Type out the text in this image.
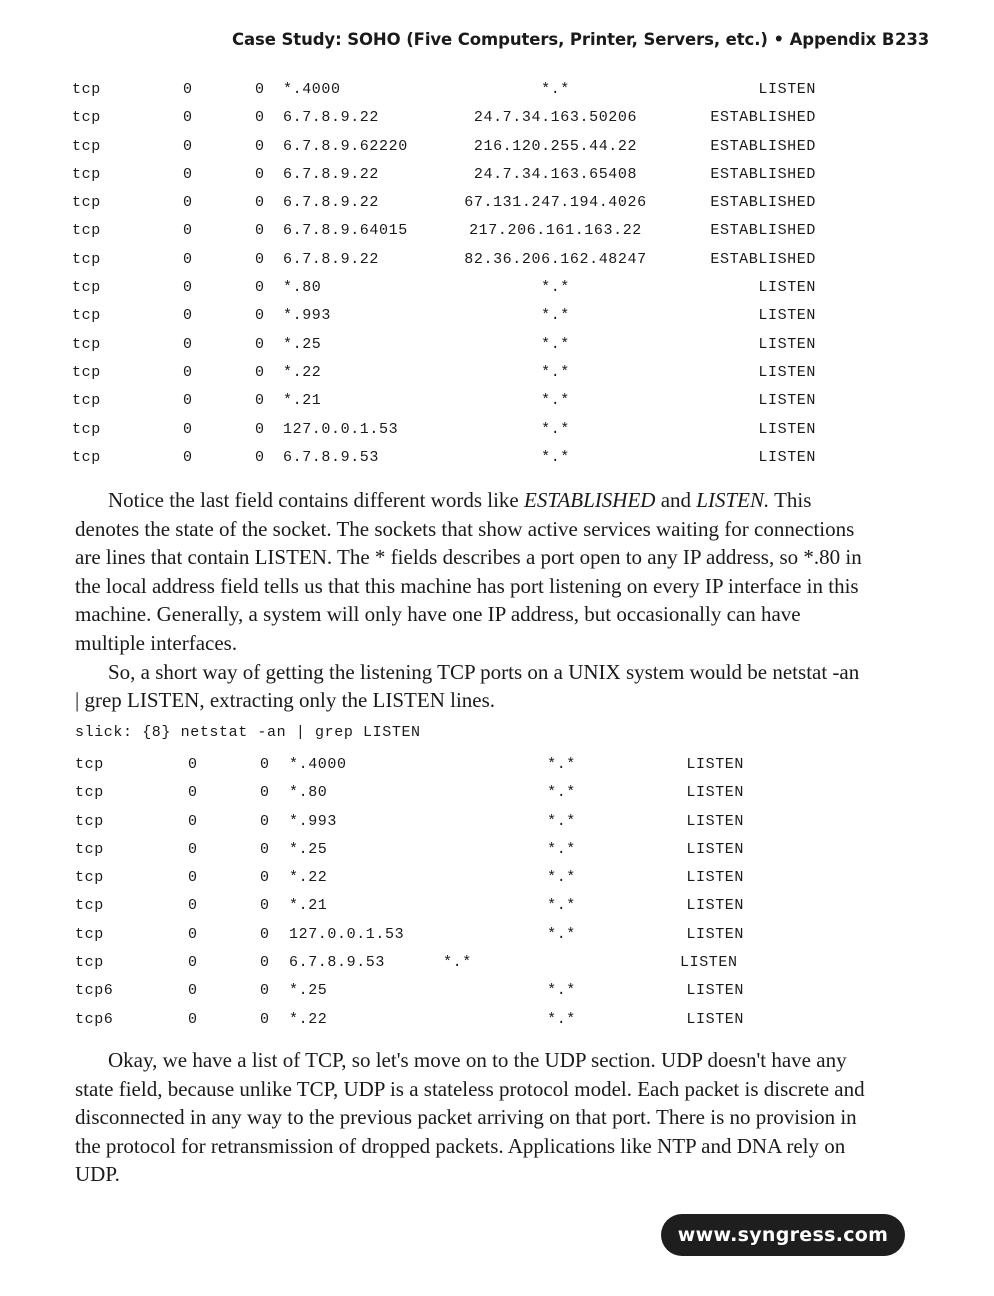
Case Study: SOHO (Five Computers, Printer, Servers, etc.) • Appendix B 233
tcp	0	0	*.4000	*.*	LISTEN
tcp	0	0	6.7.8.9.22	24.7.34.163.50206	ESTABLISHED
tcp	0	0	6.7.8.9.62220	216.120.255.44.22	ESTABLISHED
tcp	0	0	6.7.8.9.22	24.7.34.163.65408	ESTABLISHED
tcp	0	0	6.7.8.9.22	67.131.247.194.4026	ESTABLISHED
tcp	0	0	6.7.8.9.64015	217.206.161.163.22	ESTABLISHED
tcp	0	0	6.7.8.9.22	82.36.206.162.48247	ESTABLISHED
tcp	0	0	*.80	*.*	LISTEN
tcp	0	0	*.993	*.*	LISTEN
tcp	0	0	*.25	*.*	LISTEN
tcp	0	0	*.22	*.*	LISTEN
tcp	0	0	*.21	*.*	LISTEN
tcp	0	0	127.0.0.1.53	*.*	LISTEN
tcp	0	0	6.7.8.9.53	*.*	LISTEN

Notice the last field contains different words like ESTABLISHED and LISTEN. This denotes the state of the socket. The sockets that show active services waiting for connections are lines that contain LISTEN. The * fields describes a port open to any IP address, so *.80 in the local address field tells us that this machine has port listening on every IP interface in this machine. Generally, a system will only have one IP address, but occasionally can have multiple interfaces.

So, a short way of getting the listening TCP ports on a UNIX system would be netstat -an | grep LISTEN, extracting only the LISTEN lines.

slick: {8} netstat -an | grep LISTEN
tcp	0	0	*.4000	*.*	LISTEN
tcp	0	0	*.80	*.*	LISTEN
tcp	0	0	*.993	*.*	LISTEN
tcp	0	0	*.25	*.*	LISTEN
tcp	0	0	*.22	*.*	LISTEN
tcp	0	0	*.21	*.*	LISTEN
tcp	0	0	127.0.0.1.53	*.*	LISTEN
tcp	0	0	6.7.8.9.53	*.*	LISTEN
tcp6	0	0	*.25	*.*	LISTEN
tcp6	0	0	*.22	*.*	LISTEN

Okay, we have a list of TCP, so let's move on to the UDP section. UDP doesn't have any state field, because unlike TCP, UDP is a stateless protocol model. Each packet is discrete and disconnected in any way to the previous packet arriving on that port. There is no provision in the protocol for retransmission of dropped packets. Applications like NTP and DNA rely on UDP.

www.syngress.com
